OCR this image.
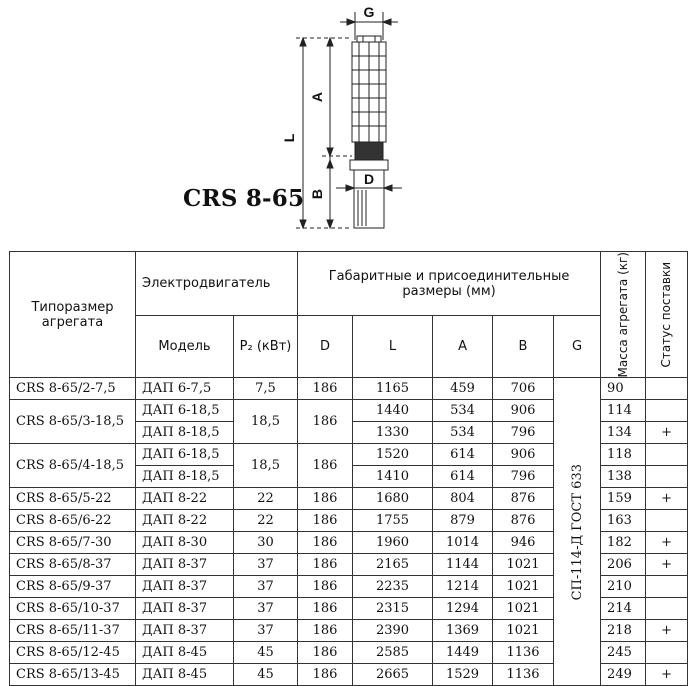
L
A
B
G
D
CRS 8-65
Типоразмер агрегата	Электродвигатель		Габаритные и присоединительные размеры (мм)					Масса агрегата (кг)	Статус поставки

	Модель	P₂ (кВт)	D	L	A	B	G		
CRS 8-65/2-7,5	ДАП 6-7,5	7,5	186	1165	459	706	СП-114-Д ГОСТ 633	90	
CRS 8-65/3-18,5	ДАП 6-18,5	18,5	186	1440	534	906		114	
	ДАП 8-18,5			1330	534	796		134	+
CRS 8-65/4-18,5	ДАП 6-18,5	18,5	186	1520	614	906		118	
	ДАП 8-18,5			1410	614	796		138	
CRS 8-65/5-22	ДАП 8-22	22	186	1680	804	876		159	+
CRS 8-65/6-22	ДАП 8-22	22	186	1755	879	876		163	
CRS 8-65/7-30	ДАП 8-30	30	186	1960	1014	946		182	+
CRS 8-65/8-37	ДАП 8-37	37	186	2165	1144	1021		206	+
CRS 8-65/9-37	ДАП 8-37	37	186	2235	1214	1021		210	
CRS 8-65/10-37	ДАП 8-37	37	186	2315	1294	1021		214	
CRS 8-65/11-37	ДАП 8-37	37	186	2390	1369	1021		218	+
CRS 8-65/12-45	ДАП 8-45	45	186	2585	1449	1136		245	
CRS 8-65/13-45	ДАП 8-45	45	186	2665	1529	1136		249	+
